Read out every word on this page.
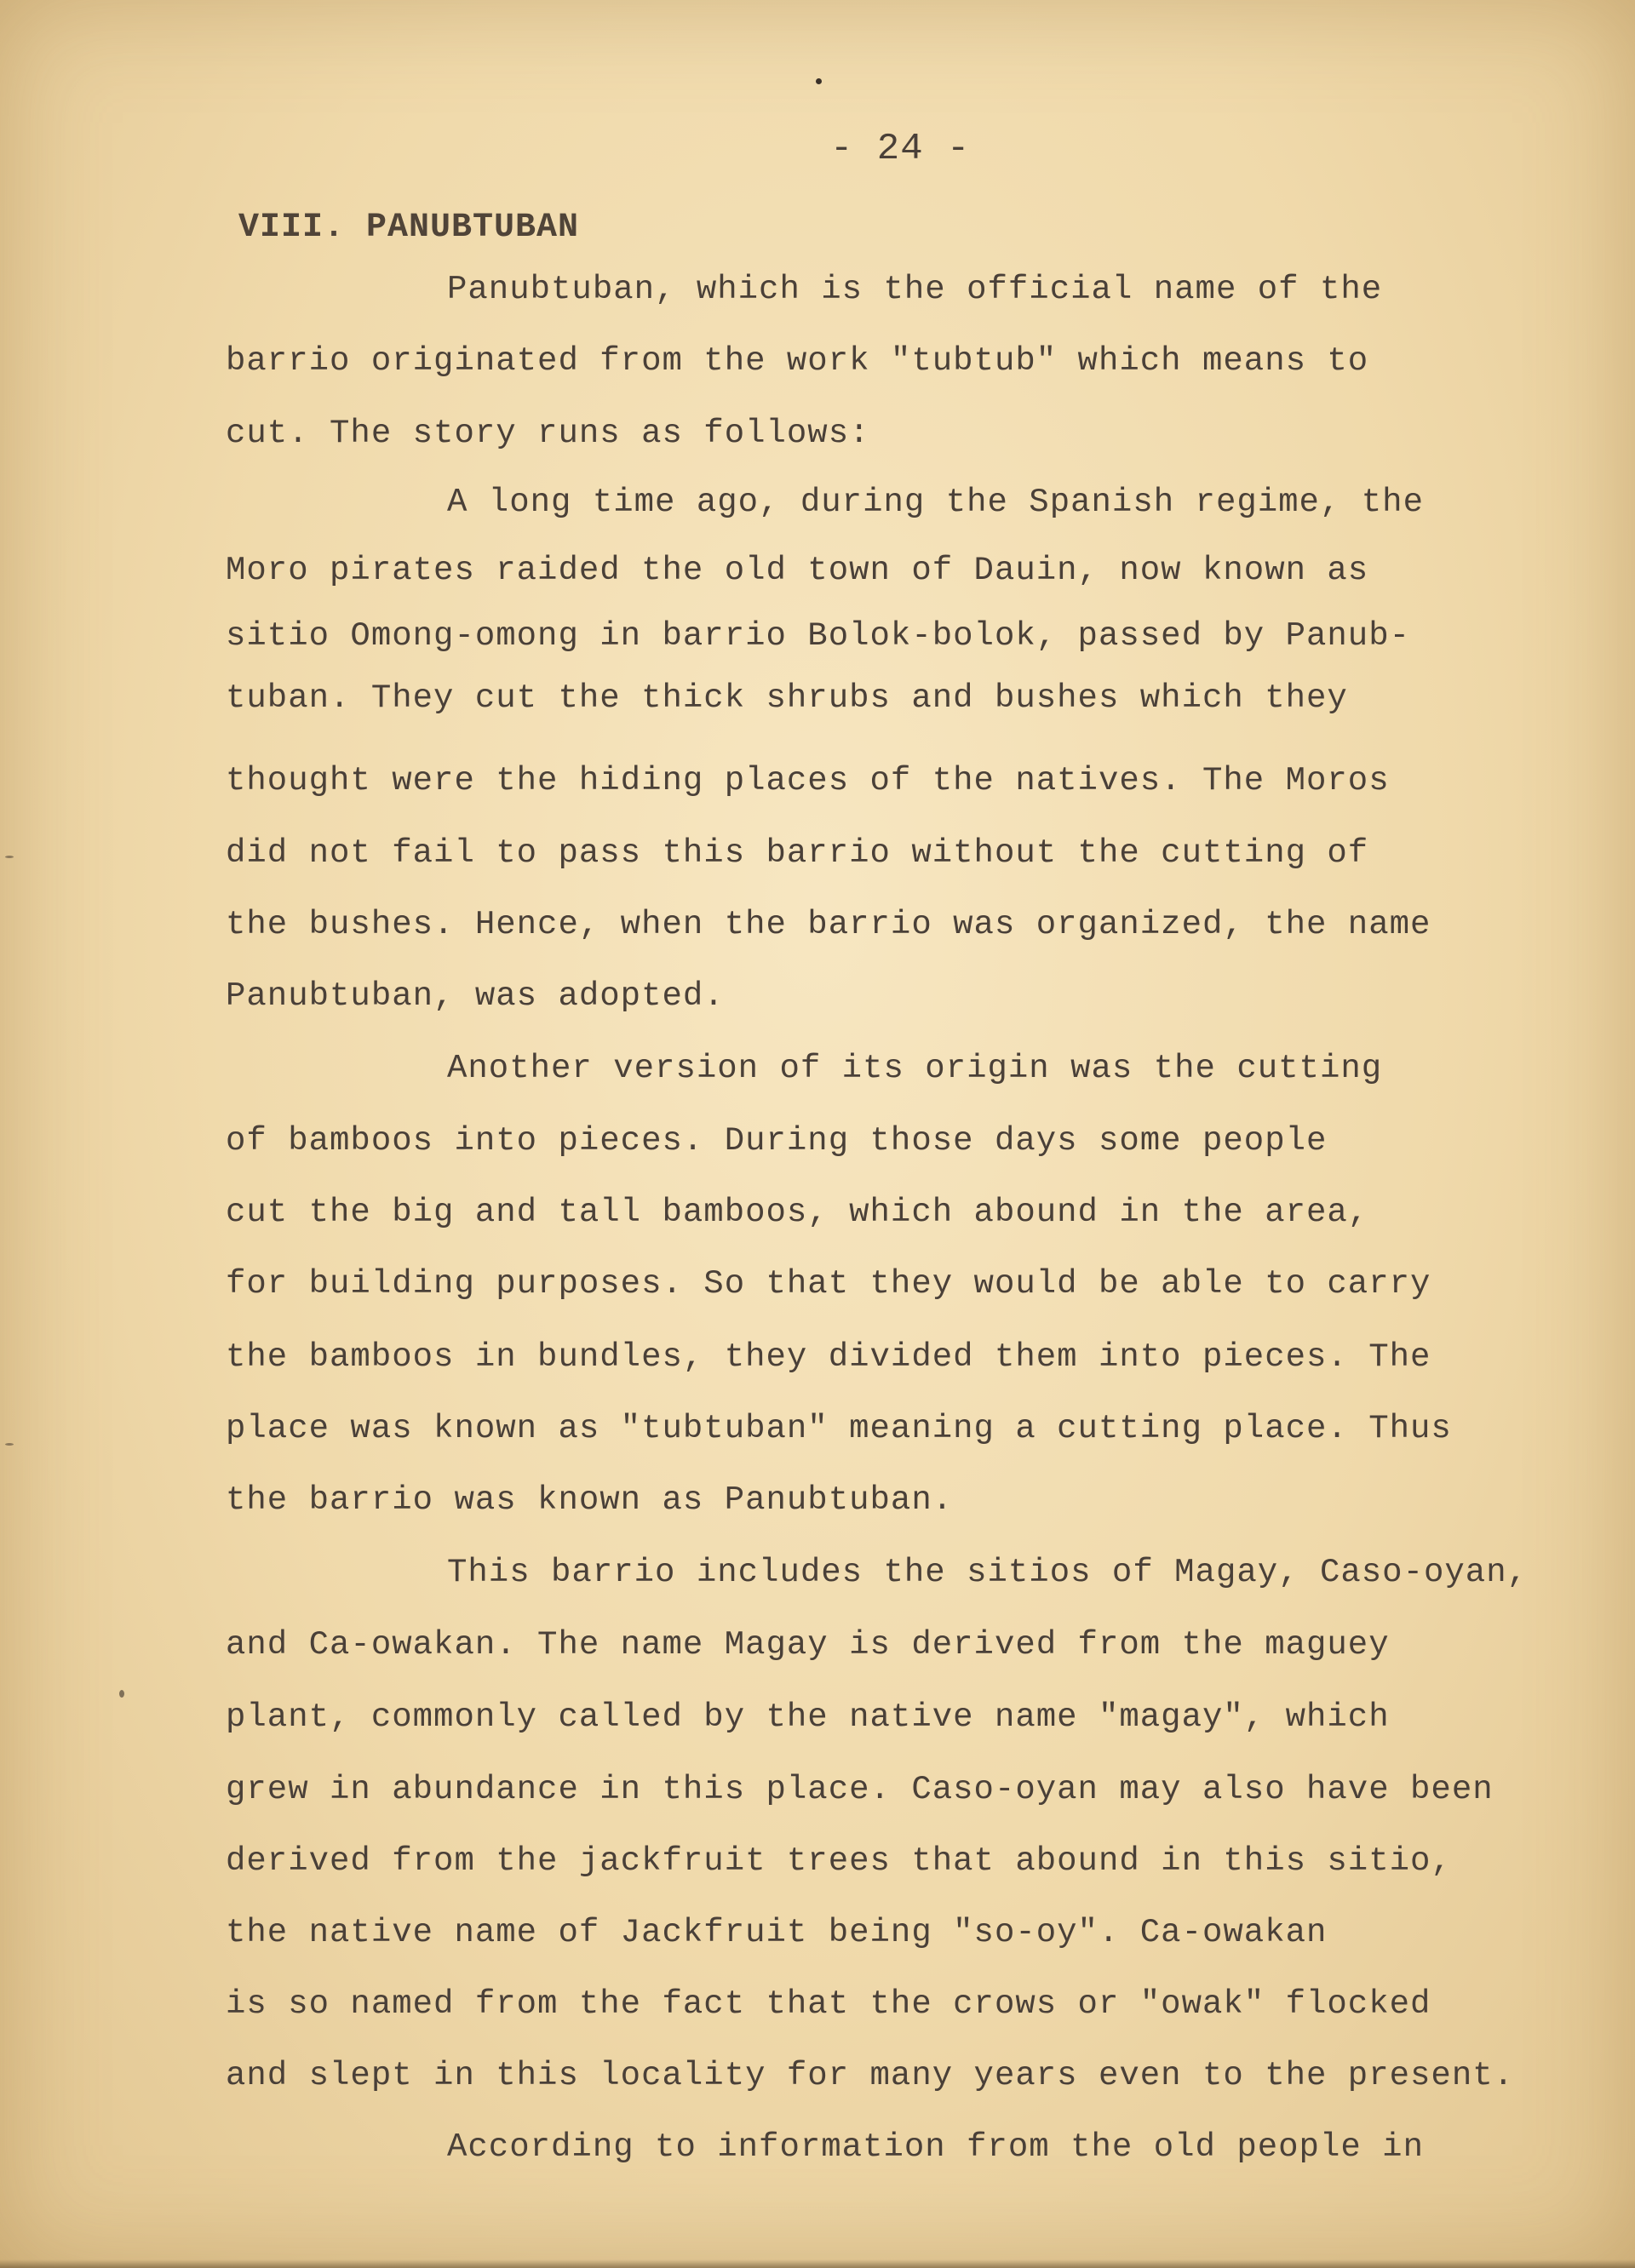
- 24 -
VIII. PANUBTUBAN
Panubtuban, which is the official name of the
barrio originated from the work "tubtub" which means to
cut. The story runs as follows:
A long time ago, during the Spanish regime, the
Moro pirates raided the old town of Dauin, now known as
sitio Omong-omong in barrio Bolok-bolok, passed by Panub-
tuban. They cut the thick shrubs and bushes which they
thought were the hiding places of the natives. The Moros
did not fail to pass this barrio without the cutting of
the bushes. Hence, when the barrio was organized, the name
Panubtuban, was adopted.
Another version of its origin was the cutting
of bamboos into pieces. During those days some people
cut the big and tall bamboos, which abound in the area,
for building purposes. So that they would be able to carry
the bamboos in bundles, they divided them into pieces. The
place was known as "tubtuban" meaning a cutting place. Thus
the barrio was known as Panubtuban.
This barrio includes the sitios of Magay, Caso-oyan,
and Ca-owakan. The name Magay is derived from the maguey
plant, commonly called by the native name "magay", which
grew in abundance in this place. Caso-oyan may also have been
derived from the jackfruit trees that abound in this sitio,
the native name of Jackfruit being "so-oy". Ca-owakan
is so named from the fact that the crows or "owak" flocked
and slept in this locality for many years even to the present.
According to information from the old people in
